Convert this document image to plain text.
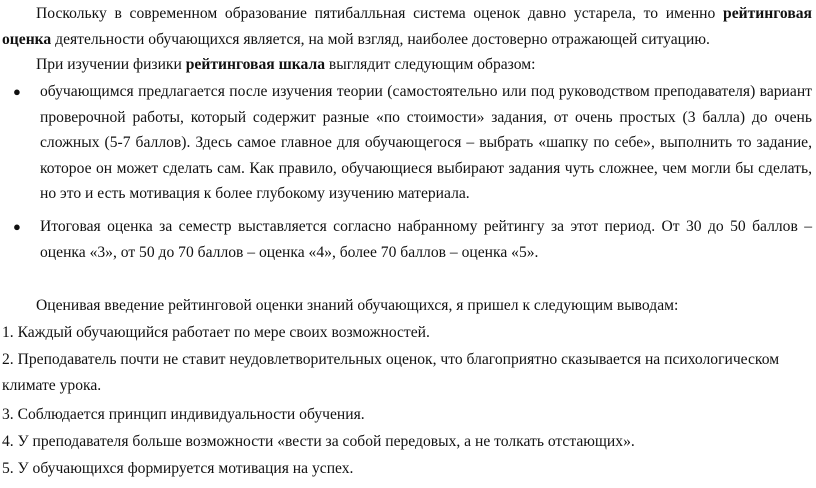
Поскольку в современном образование пятибалльная система оценок давно устарела, то именно рейтинговая оценка деятельности обучающихся является, на мой взгляд, наиболее достоверно отражающей ситуацию.

При изучении физики рейтинговая шкала выглядит следующим образом:

●	обучающимся предлагается после изучения теории (самостоятельно или под руководством преподавателя) вариант проверочной работы, который содержит разные «по стоимости» задания, от очень простых (3 балла) до очень сложных (5-7 баллов). Здесь самое главное для обучающегося – выбрать «шапку по себе», выполнить то задание, которое он может сделать сам. Как правило, обучающиеся выбирают задания чуть сложнее, чем могли бы сделать, но это и есть мотивация к более глубокому изучению материала.

●	Итоговая оценка за семестр выставляется согласно набранному рейтингу за этот период. От 30 до 50 баллов – оценка «3», от 50 до 70 баллов – оценка «4», более 70 баллов – оценка «5».

Оценивая введение рейтинговой оценки знаний обучающихся, я пришел к следующим выводам:

1. Каждый обучающийся работает по мере своих возможностей.

2. Преподаватель почти не ставит неудовлетворительных оценок, что благоприятно сказывается на психологическом климате урока.

3. Соблюдается принцип индивидуальности обучения.

4. У преподавателя больше возможности «вести за собой передовых, а не толкать отстающих».

5. У обучающихся формируется мотивация на успех.
